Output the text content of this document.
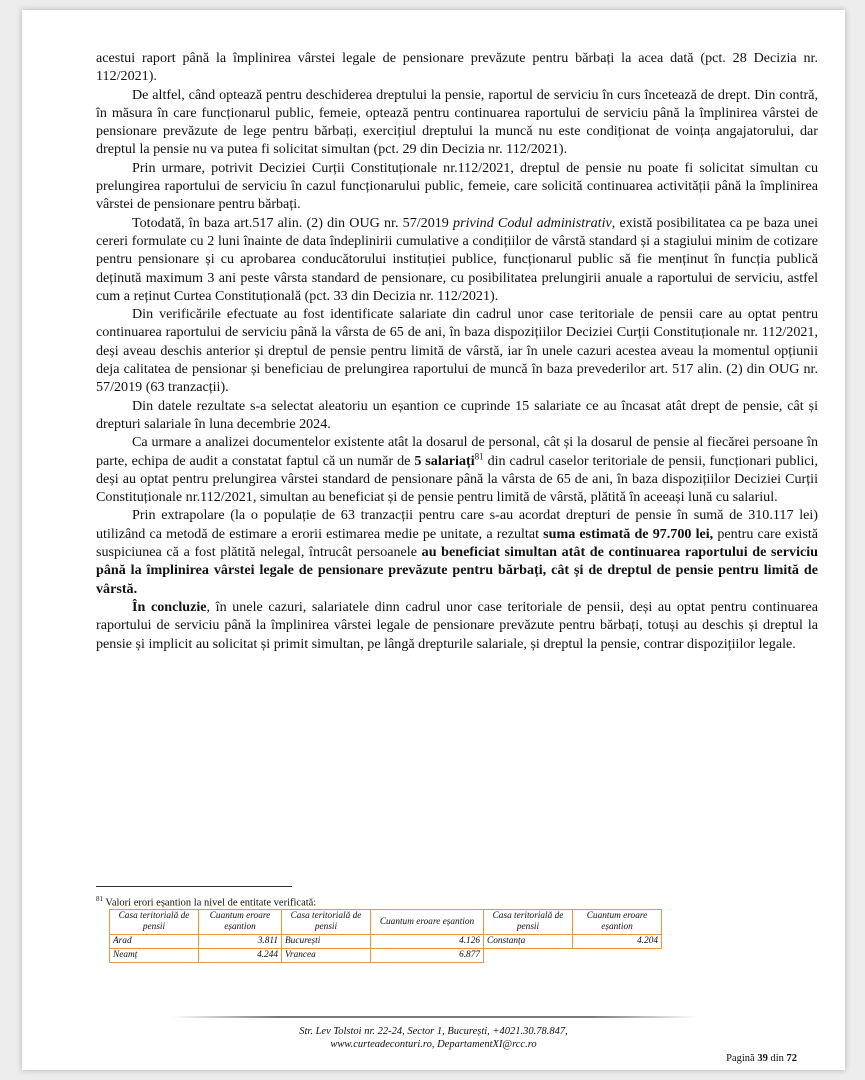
acestui raport până la împlinirea vârstei legale de pensionare prevăzute pentru bărbați la acea dată (pct. 28 Decizia nr. 112/2021).

De altfel, când optează pentru deschiderea dreptului la pensie, raportul de serviciu în curs încetează de drept. Din contră, în măsura în care funcționarul public, femeie, optează pentru continuarea raportului de serviciu până la împlinirea vârstei de pensionare prevăzute de lege pentru bărbați, exercițiul dreptului la muncă nu este condiționat de voința angajatorului, dar dreptul la pensie nu va putea fi solicitat simultan (pct. 29 din Decizia nr. 112/2021).

Prin urmare, potrivit Deciziei Curții Constituționale nr.112/2021, dreptul de pensie nu poate fi solicitat simultan cu prelungirea raportului de serviciu în cazul funcționarului public, femeie, care solicită continuarea activității până la împlinirea vârstei de pensionare pentru bărbați.

Totodată, în baza art.517 alin. (2) din OUG nr. 57/2019 privind Codul administrativ, există posibilitatea ca pe baza unei cereri formulate cu 2 luni înainte de data îndeplinirii cumulative a condițiilor de vârstă standard și a stagiului minim de cotizare pentru pensionare și cu aprobarea conducătorului instituției publice, funcționarul public să fie menținut în funcția publică deținută maximum 3 ani peste vârsta standard de pensionare, cu posibilitatea prelungirii anuale a raportului de serviciu, astfel cum a reținut Curtea Constituțională (pct. 33 din Decizia nr. 112/2021).

Din verificările efectuate au fost identificate salariate din cadrul unor case teritoriale de pensii care au optat pentru continuarea raportului de serviciu până la vârsta de 65 de ani, în baza dispozițiilor Deciziei Curții Constituționale nr. 112/2021, deși aveau deschis anterior și dreptul de pensie pentru limită de vârstă, iar în unele cazuri acestea aveau la momentul opțiunii deja calitatea de pensionar și beneficiau de prelungirea raportului de muncă în baza prevederilor art. 517 alin. (2) din OUG nr. 57/2019 (63 tranzacții).

Din datele rezultate s-a selectat aleatoriu un eșantion ce cuprinde 15 salariate ce au încasat atât drept de pensie, cât și drepturi salariale în luna decembrie 2024.

Ca urmare a analizei documentelor existente atât la dosarul de personal, cât și la dosarul de pensie al fiecărei persoane în parte, echipa de audit a constatat faptul că un număr de 5 salariați$^{81}$ din cadrul caselor teritoriale de pensii, funcționari publici, deși au optat pentru prelungirea vârstei standard de pensionare până la vârsta de 65 de ani, în baza dispozițiilor Deciziei Curții Constituționale nr.112/2021, simultan au beneficiat și de pensie pentru limită de vârstă, plătită în aceeași lună cu salariul.

Prin extrapolare (la o populație de 63 tranzacții pentru care s-au acordat drepturi de pensie în sumă de 310.117 lei) utilizând ca metodă de estimare a erorii estimarea medie pe unitate, a rezultat suma estimată de 97.700 lei, pentru care există suspiciunea că a fost plătită nelegal, întrucât persoanele au beneficiat simultan atât de continuarea raportului de serviciu până la împlinirea vârstei legale de pensionare prevăzute pentru bărbați, cât și de dreptul de pensie pentru limită de vârstă.

În concluzie, în unele cazuri, salariatele dinn cadrul unor case teritoriale de pensii, deși au optat pentru continuarea raportului de serviciu până la împlinirea vârstei legale de pensionare prevăzute pentru bărbați, totuși au deschis și dreptul la pensie și implicit au solicitat și primit simultan, pe lângă drepturile salariale, și dreptul la pensie, contrar dispozițiilor legale.

$^{81}$ Valori erori eșantion la nivel de entitate verificată:
Casa teritorială de pensii	Cuantum eroare eșantion	Casa teritorială de pensii	Cuantum eroare eșantion	Casa teritorială de pensii	Cuantum eroare eșantion
Arad	3.811	București	4.126	Constanța	4.204
Neamț	4.244	Vrancea	6.877		
Str. Lev Tolstoi nr. 22-24, Sector 1, București, +4021.30.78.847,
www.curteadeconturi.ro, DepartamentXI@rcc.ro
Pagină 39 din 72
